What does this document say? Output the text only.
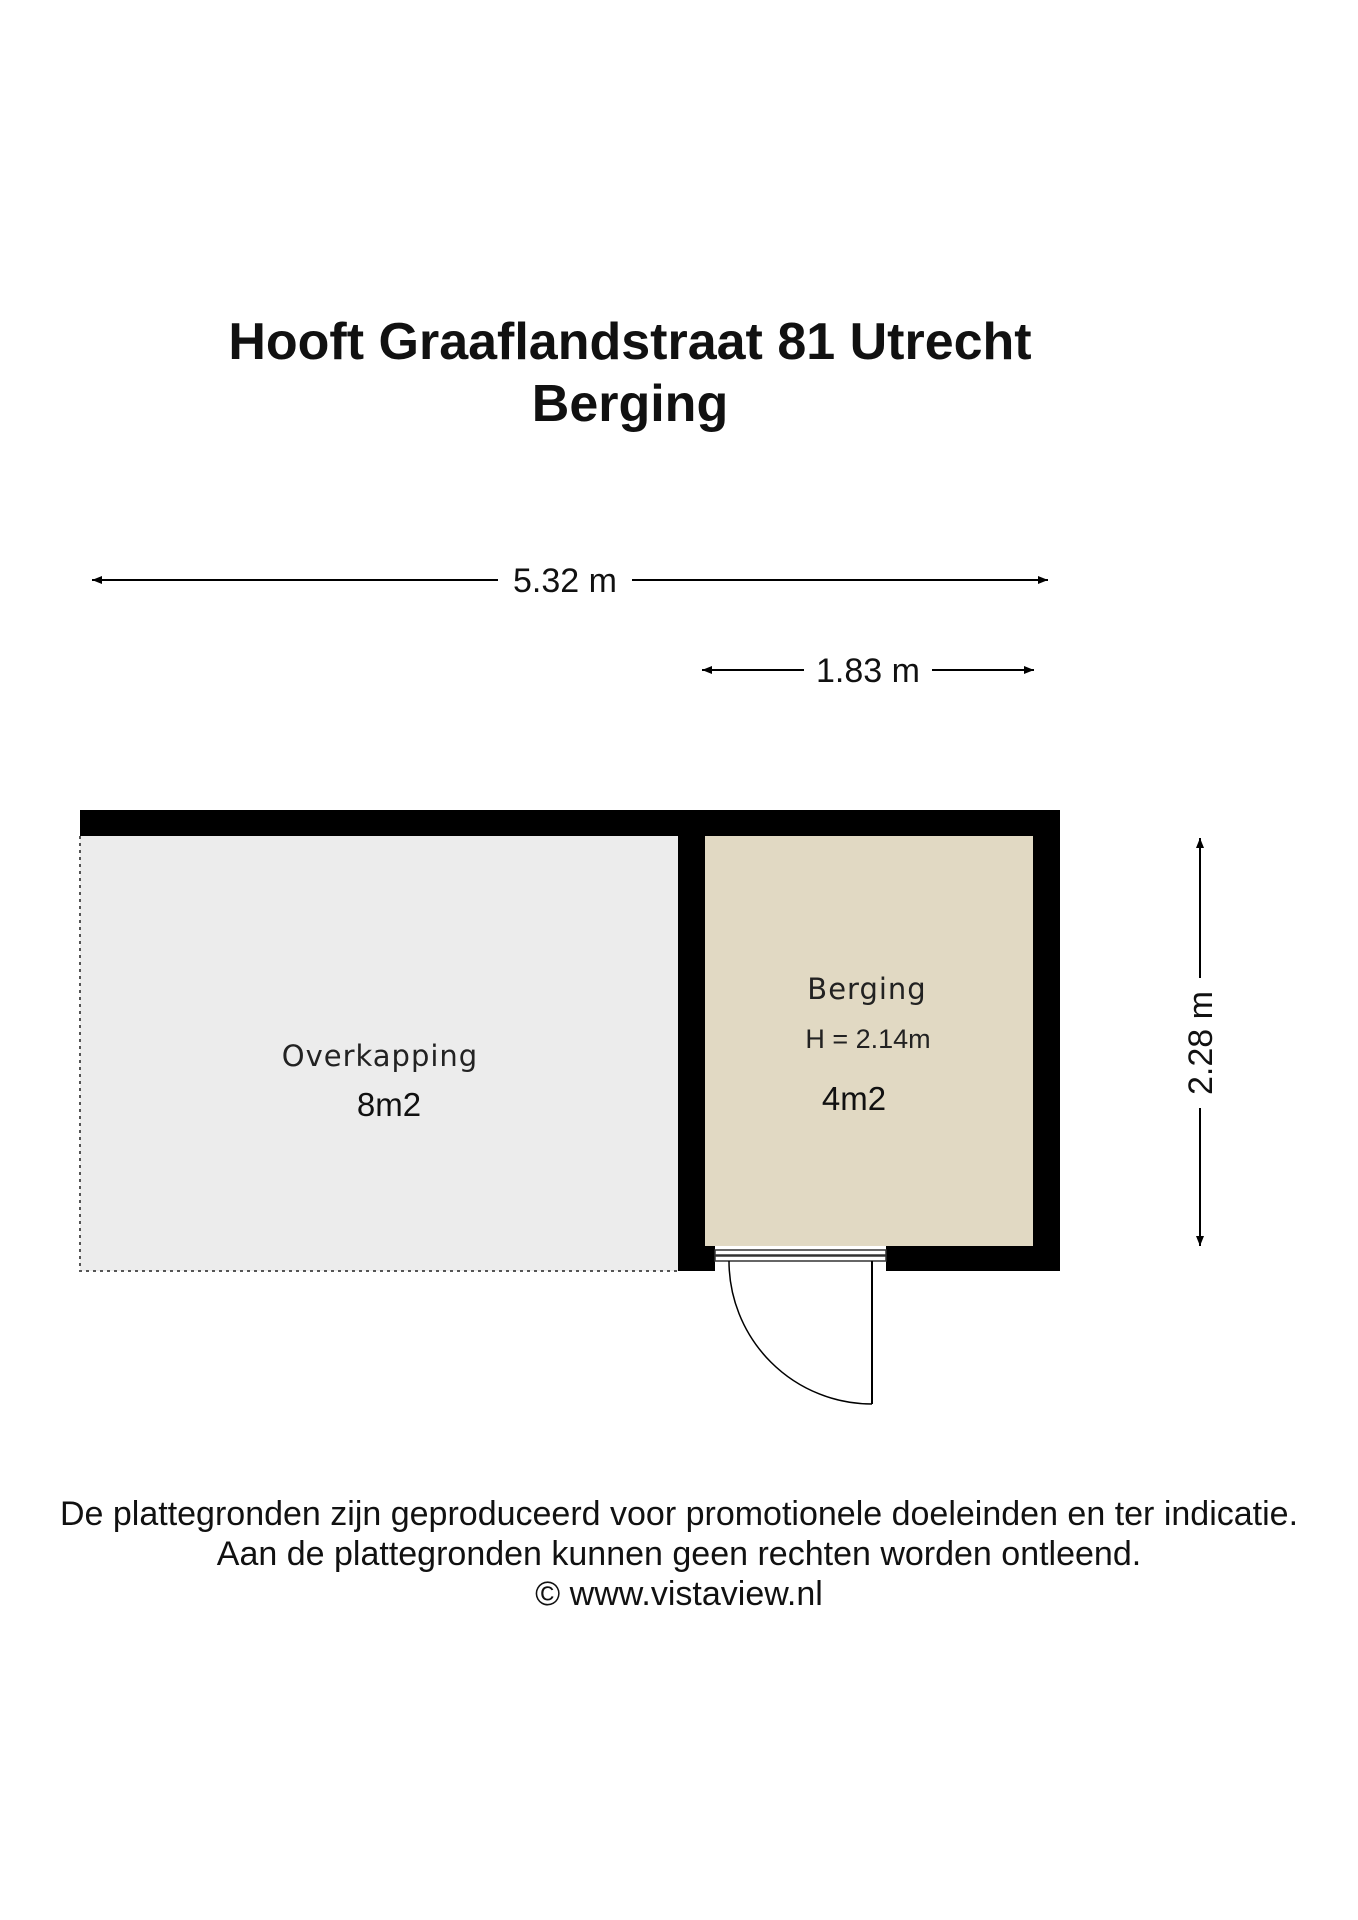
Hooft Graaflandstraat 81 Utrecht
Berging
5.32 m
1.83 m
2.28 m
Overkapping
8m2
Berging
H = 2.14m
4m2
De plattegronden zijn geproduceerd voor promotionele doeleinden en ter indicatie.
Aan de plattegronden kunnen geen rechten worden ontleend.
© www.vistaview.nl
